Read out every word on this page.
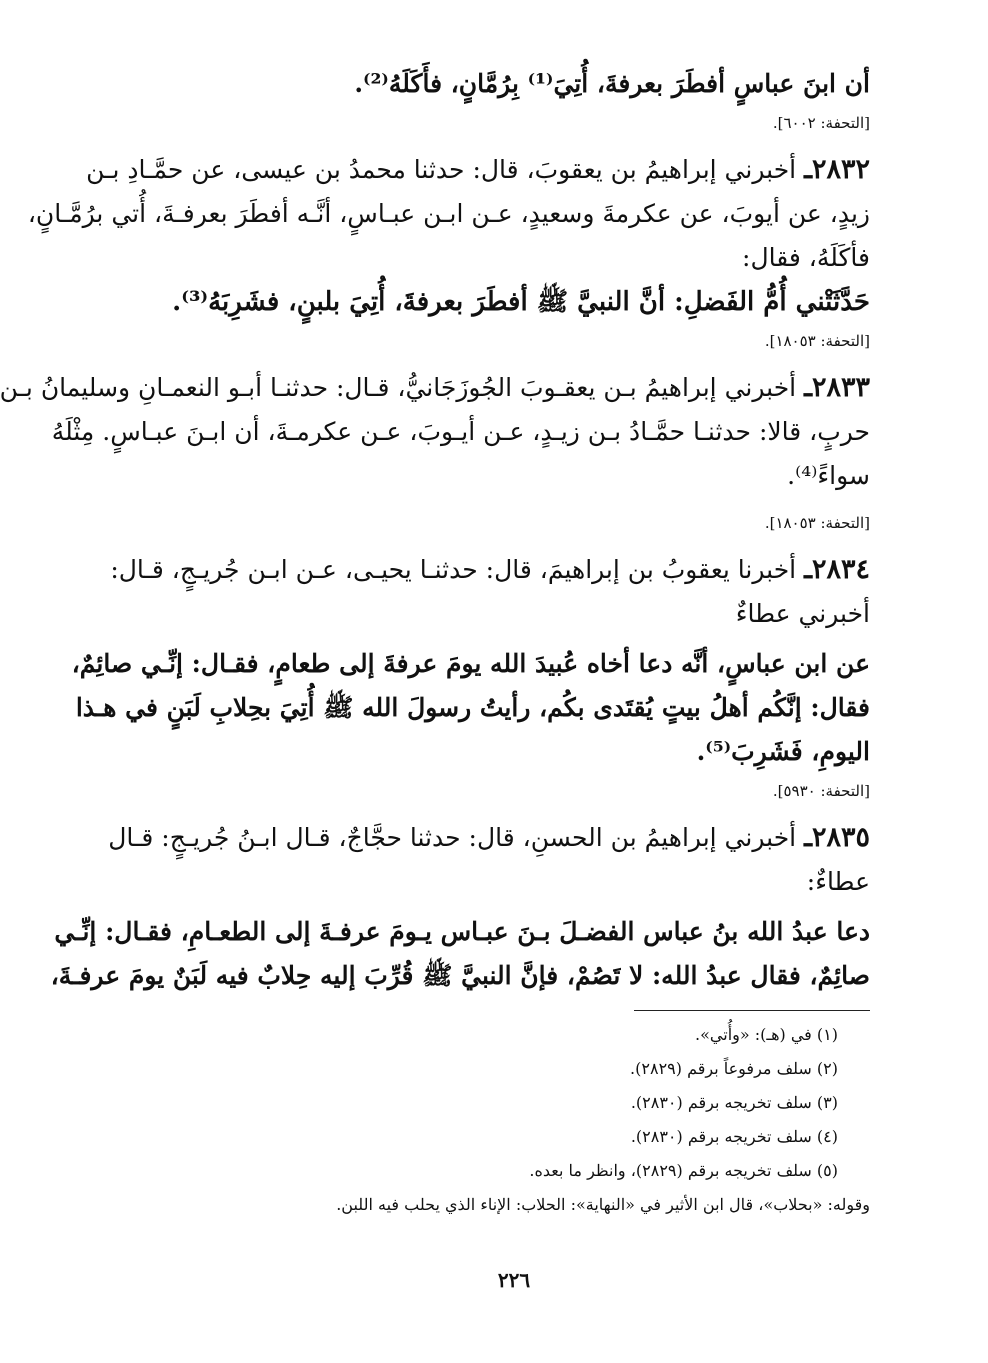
أن ابنَ عباسٍ أفطَرَ بعرفةَ، أُتِيَ⁽¹⁾ بِرُمَّانٍ، فأَكَلَهُ⁽²⁾.
[التحفة: ٦٠٠٢].
٢٨٣٢ـ أخبرني إبراهيمُ بن يعقوبَ، قال: حدثنا محمدُ بن عيسى، عن حمَّـادِ بـن
زيدٍ، عن أيوبَ، عن عكرمةَ وسعيدٍ، عـن ابـن عبـاسٍ، أنَّـه أفطَرَ بعرفـةَ، أُتي برُمَّـانٍ،
فأكَلَهُ، فقال:
حَدَّثَتْني أُمُّ الفَضلِ: أنَّ النبيَّ ﷺ أفطَرَ بعرفةَ، أُتِيَ بلبنٍ، فشَرِبَهُ⁽³⁾.
[التحفة: ١٨٠٥٣].
٢٨٣٣ـ أخبرني إبراهيمُ بـن يعقـوبَ الجُوزَجَانيُّ، قـال: حدثنـا أبـو النعمـانِ وسليمانُ بـن
حربٍ، قالا: حدثنـا حمَّـادُ بـن زيـدٍ، عـن أيـوبَ، عـن عكرمـةَ، أن ابـنَ عبـاسٍ. مِثْلَهُ
سواءً⁽⁴⁾.
[التحفة: ١٨٠٥٣].
٢٨٣٤ـ أخبرنا يعقوبُ بن إبراهيمَ، قال: حدثنـا يحيـى، عـن ابـن جُريـجٍ، قـال:
أخبرني عطاءٌ
عن ابن عباسٍ، أنَّه دعا أخاه عُبيدَ الله يومَ عرفةَ إلى طعامٍ، فقـال: إنِّـي صائِمٌ،
فقال: إنَّكُم أهلُ بيتٍ يُقتَدى بكُم، رأيتُ رسولَ الله ﷺ أُتِيَ بحِلابِ لَبَنٍ في هـذا
اليومِ، فَشَرِبَ⁽⁵⁾.
[التحفة: ٥٩٣٠].
٢٨٣٥ـ أخبرني إبراهيمُ بن الحسنِ، قال: حدثنا حجَّاجٌ، قـال ابـنُ جُريـجٍ: قـال
عطاءٌ:
دعا عبدُ الله بنُ عباس الفضـلَ بـنَ عبـاس يـومَ عرفـةَ إلى الطعـامِ، فقـال: إنِّـي
صائِمٌ، فقال عبدُ الله: لا تَصُمْ، فإنَّ النبيَّ ﷺ قُرِّبَ إليه حِلابٌ فيه لَبَنٌ يومَ عرفـةَ،
(١) في (هـ): «وأُتي».
(٢) سلف مرفوعاً برقم (٢٨٢٩).
(٣) سلف تخريجه برقم (٢٨٣٠).
(٤) سلف تخريجه برقم (٢٨٣٠).
(٥) سلف تخريجه برقم (٢٨٢٩)، وانظر ما بعده.
وقوله: «بحلاب»، قال ابن الأثير في «النهاية»: الحلاب: الإناء الذي يحلب فيه اللبن.
٢٢٦
